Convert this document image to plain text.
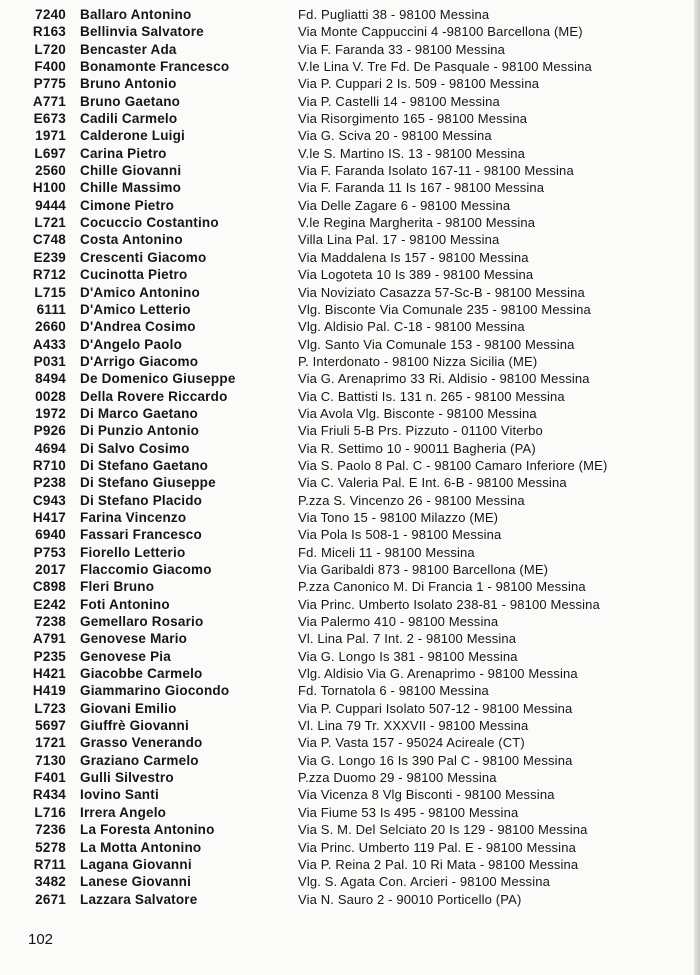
7240 Ballaro Antonino	Fd. Pugliatti 38 - 98100 Messina
R163 Bellinvia Salvatore	Via Monte Cappuccini 4 -98100 Barcellona (ME)
L720 Bencaster Ada	Via F. Faranda 33 - 98100 Messina
F400 Bonamonte Francesco	V.le Lina V. Tre Fd. De Pasquale - 98100 Messina
P775 Bruno Antonio	Via P. Cuppari 2 Is. 509 - 98100 Messina
A771 Bruno Gaetano	Via P. Castelli 14 - 98100 Messina
E673 Cadili Carmelo	Via Risorgimento 165 - 98100 Messina
1971 Calderone Luigi	Via G. Sciva 20 - 98100 Messina
L697 Carina Pietro	V.le S. Martino IS. 13 - 98100 Messina
2560 Chille Giovanni	Via F. Faranda Isolato 167-11 - 98100 Messina
H100 Chille Massimo	Via F. Faranda 11 Is 167 - 98100 Messina
9444 Cimone Pietro	Via Delle Zagare 6 - 98100 Messina
L721 Cocuccio Costantino	V.le Regina Margherita - 98100 Messina
C748 Costa Antonino	Villa Lina Pal. 17 - 98100 Messina
E239 Crescenti Giacomo	Via Maddalena Is 157 - 98100 Messina
R712 Cucinotta Pietro	Via Logoteta 10 Is 389 - 98100 Messina
L715 D'Amico Antonino	Via Noviziato Casazza 57-Sc-B - 98100 Messina
6111 D'Amico Letterio	Vlg. Bisconte Via Comunale 235 - 98100 Messina
2660 D'Andrea Cosimo	Vlg. Aldisio Pal. C-18 - 98100 Messina
A433 D'Angelo Paolo	Vlg. Santo Via Comunale 153 - 98100 Messina
P031 D'Arrigo Giacomo	P. Interdonato - 98100 Nizza Sicilia (ME)
8494 De Domenico Giuseppe	Via G. Arenaprimo 33 Ri. Aldisio - 98100 Messina
0028 Della Rovere Riccardo	Via C. Battisti Is. 131 n. 265 - 98100 Messina
1972 Di Marco Gaetano	Via Avola Vlg. Bisconte - 98100 Messina
P926 Di Punzio Antonio	Via Friuli 5-B Prs. Pizzuto - 01100 Viterbo
4694 Di Salvo Cosimo	Via R. Settimo 10 - 90011 Bagheria (PA)
R710 Di Stefano Gaetano	Via S. Paolo 8 Pal. C - 98100 Camaro Inferiore (ME)
P238 Di Stefano Giuseppe	Via C. Valeria Pal. E Int. 6-B - 98100 Messina
C943 Di Stefano Placido	P.zza S. Vincenzo 26 - 98100 Messina
H417 Farina Vincenzo	Via Tono 15 - 98100 Milazzo (ME)
6940 Fassari Francesco	Via Pola Is 508-1 - 98100 Messina
P753 Fiorello Letterio	Fd. Miceli 11 - 98100 Messina
2017 Flaccomio Giacomo	Via Garibaldi 873 - 98100 Barcellona (ME)
C898 Fleri Bruno	P.zza Canonico M. Di Francia 1 - 98100 Messina
E242 Foti Antonino	Via Princ. Umberto Isolato 238-81 - 98100 Messina
7238 Gemellaro Rosario	Via Palermo 410 - 98100 Messina
A791 Genovese Mario	Vl. Lina Pal. 7 Int. 2 - 98100 Messina
P235 Genovese Pia	Via G. Longo Is 381 - 98100 Messina
H421 Giacobbe Carmelo	Vlg. Aldisio Via G. Arenaprimo - 98100 Messina
H419 Giammarino Giocondo	Fd. Tornatola 6 - 98100 Messina
L723 Giovani Emilio	Via P. Cuppari Isolato 507-12 - 98100 Messina
5697 Giuffrè Giovanni	Vl. Lina 79 Tr. XXXVII - 98100 Messina
1721 Grasso Venerando	Via P. Vasta 157 - 95024 Acireale (CT)
7130 Graziano Carmelo	Via G. Longo 16 Is 390 Pal C - 98100 Messina
F401 Gulli Silvestro	P.zza Duomo 29 - 98100 Messina
R434 Iovino Santi	Via Vicenza 8 Vlg Bisconti - 98100 Messina
L716 Irrera Angelo	Via Fiume 53 Is 495 - 98100 Messina
7236 La Foresta Antonino	Via S. M. Del Selciato 20 Is 129 - 98100 Messina
5278 La Motta Antonino	Via Princ. Umberto 119 Pal. E - 98100 Messina
R711 Lagana Giovanni	Via P. Reina 2 Pal. 10 Ri Mata - 98100 Messina
3482 Lanese Giovanni	Vlg. S. Agata Con. Arcieri - 98100 Messina
2671 Lazzara Salvatore	Via N. Sauro 2 - 90010 Porticello (PA)
102
